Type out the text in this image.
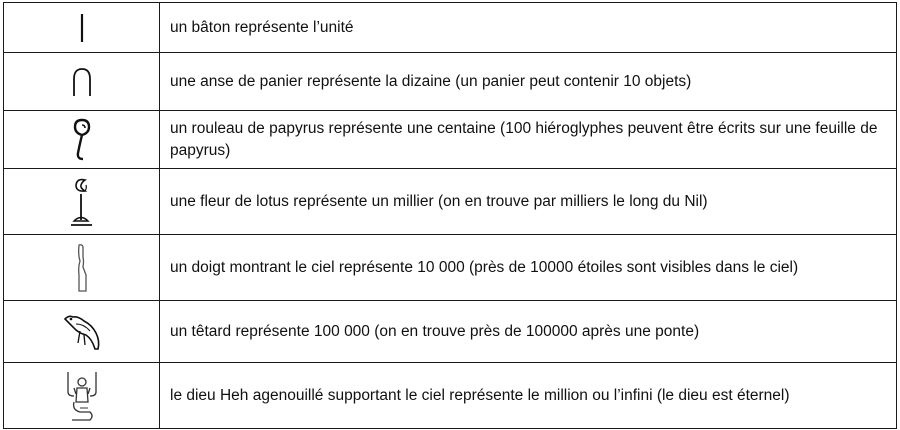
	un bâton représente l’unité

	une anse de panier représente la dizaine (un panier peut contenir 10 objets)

	un rouleau de papyrus représente une centaine (100 hiéroglyphes peuvent être écrits sur une feuille de papyrus)

	une fleur de lotus représente un millier (on en trouve par milliers le long du Nil)

	un doigt montrant le ciel représente 10 000 (près de 10000 étoiles sont visibles dans le ciel)

	un têtard représente 100 000 (on en trouve près de 100000 après une ponte)

	le dieu Heh agenouillé supportant le ciel représente le million ou l’infini (le dieu est éternel)
